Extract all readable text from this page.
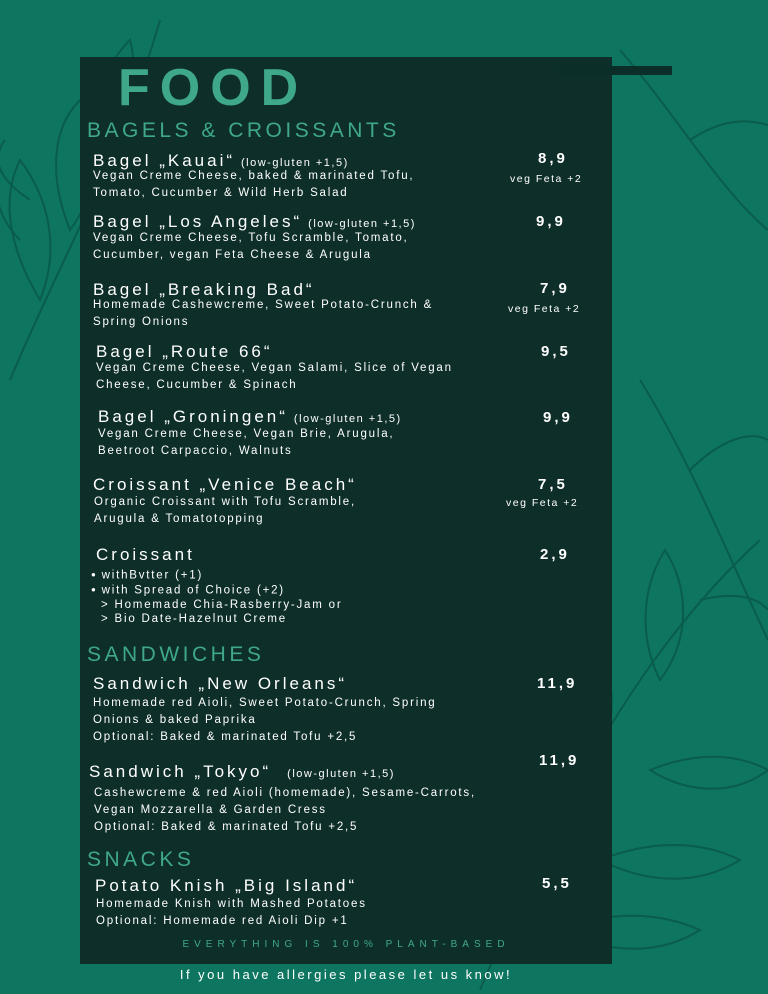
FOOD
BAGELS & CROISSANTS
Bagel „Kauai“ (low-gluten +1,5)
Vegan Creme Cheese, baked & marinated Tofu,
Tomato, Cucumber & Wild Herb Salad
8,9
veg Feta +2
Bagel „Los Angeles“ (low-gluten +1,5)
Vegan Creme Cheese, Tofu Scramble, Tomato,
Cucumber, vegan Feta Cheese & Arugula
9,9
Bagel „Breaking Bad“
Homemade Cashewcreme, Sweet Potato-Crunch &
Spring Onions
7,9
veg Feta +2
Bagel „Route 66“
Vegan Creme Cheese, Vegan Salami, Slice of Vegan
Cheese, Cucumber & Spinach
9,5
Bagel „Groningen“ (low-gluten +1,5)
Vegan Creme Cheese, Vegan Brie, Arugula,
Beetroot Carpaccio, Walnuts
9,9
Croissant „Venice Beach“
Organic Croissant with Tofu Scramble,
Arugula & Tomatotopping
7,5
veg Feta +2
Croissant	2,9
● withBvtter (+1)
● with Spread of Choice (+2)
> Homemade Chia-Rasberry-Jam or
> Bio Date-Hazelnut Creme
SANDWICHES
Sandwich „New Orleans“
Homemade red Aioli, Sweet Potato-Crunch, Spring
Onions & baked Paprika
Optional: Baked & marinated Tofu +2,5
11,9
Sandwich „Tokyo“ (low-gluten +1,5)
Cashewcreme & red Aioli (homemade), Sesame-Carrots,
Vegan Mozzarella & Garden Cress
Optional: Baked & marinated Tofu +2,5
11,9
SNACKS
Potato Knish „Big Island“
Homemade Knish with Mashed Potatoes
Optional: Homemade red Aioli Dip +1
5,5
EVERYTHING IS 100% PLANT-BASED
If you have allergies please let us know!
